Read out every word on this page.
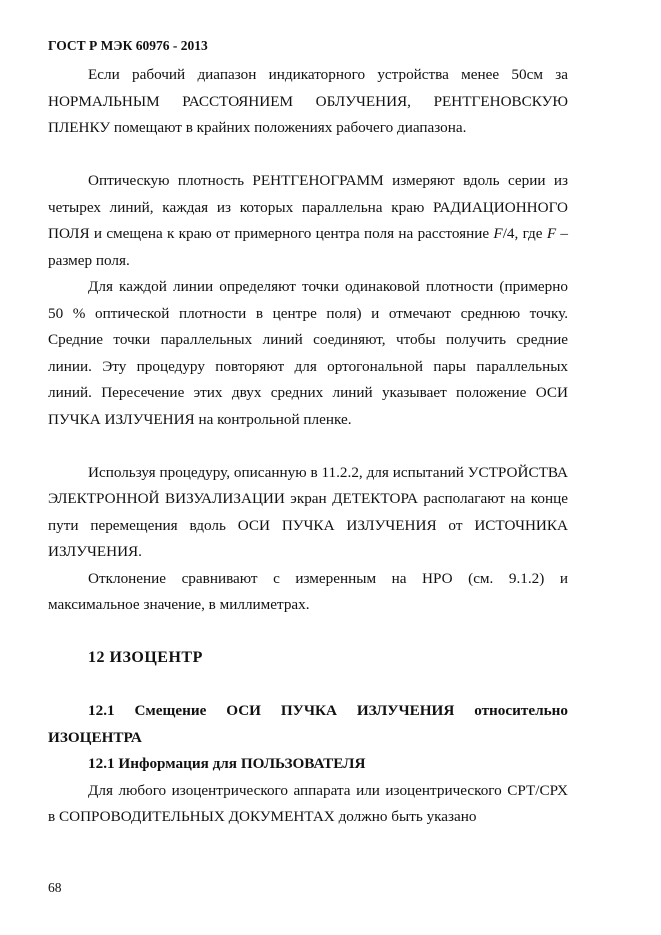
ГОСТ Р МЭК 60976 - 2013

Если рабочий диапазон индикаторного устройства менее 50см за НОРМАЛЬНЫМ РАССТОЯНИЕМ ОБЛУЧЕНИЯ, РЕНТГЕНОВСКУЮ ПЛЕНКУ помещают в крайних положениях рабочего диапазона.

Оптическую плотность РЕНТГЕНОГРАММ измеряют вдоль серии из четырех линий, каждая из которых параллельна краю РАДИАЦИОННОГО ПОЛЯ и смещена к краю от примерного центра поля на расстояние F/4, где F – размер поля.

Для каждой линии определяют точки одинаковой плотности (примерно 50 % оптической плотности в центре поля) и отмечают среднюю точку. Средние точки параллельных линий соединяют, чтобы получить средние линии. Эту процедуру повторяют для ортогональной пары параллельных линий. Пересечение этих двух средних линий указывает положение ОСИ ПУЧКА ИЗЛУЧЕНИЯ на контрольной пленке.

Используя процедуру, описанную в 11.2.2, для испытаний УСТРОЙСТВА ЭЛЕКТРОННОЙ ВИЗУАЛИЗАЦИИ экран ДЕТЕКТОРА располагают на конце пути перемещения вдоль ОСИ ПУЧКА ИЗЛУЧЕНИЯ от ИСТОЧНИКА ИЗЛУЧЕНИЯ.

Отклонение сравнивают с измеренным на НРО (см. 9.1.2) и максимальное значение, в миллиметрах.

12 ИЗОЦЕНТР

12.1 Смещение ОСИ ПУЧКА ИЗЛУЧЕНИЯ относительно ИЗОЦЕНТРА

12.1 Информация для ПОЛЬЗОВАТЕЛЯ

Для любого изоцентрического аппарата или изоцентрического СРТ/СРХ в СОПРОВОДИТЕЛЬНЫХ ДОКУМЕНТАХ должно быть указано

68
